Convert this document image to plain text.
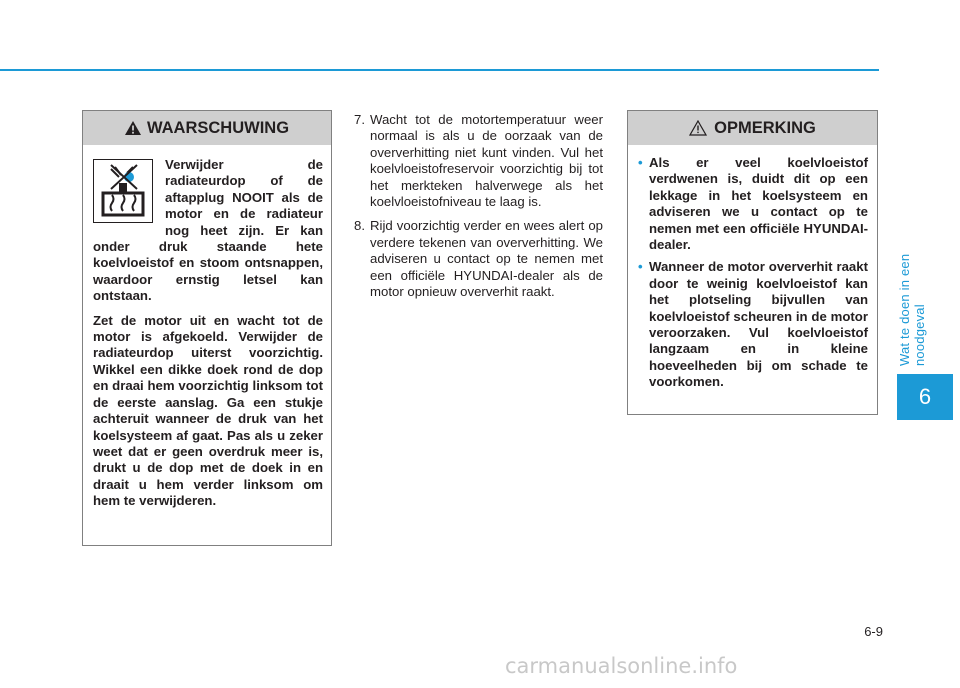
Wat te doen in een noodgeval
6
6-9
WAARSCHUWING

Verwijder de radiateurdop of de aftapplug NOOIT als de motor en de radiateur nog heet zijn. Er kan onder druk staande hete koelvloeistof en stoom ontsnappen, waardoor ernstig letsel kan ontstaan.

Zet de motor uit en wacht tot de motor is afgekoeld. Verwijder de radiateurdop uiterst voorzichtig. Wikkel een dikke doek rond de dop en draai hem voorzichtig linksom tot de eerste aanslag. Ga een stukje achteruit wanneer de druk van het koelsysteem af gaat. Pas als u zeker weet dat er geen overdruk meer is, drukt u de dop met de doek in en draait u hem verder linksom om hem te verwijderen.

7. Wacht tot de motortemperatuur weer normaal is als u de oorzaak van de oververhitting niet kunt vinden. Vul het koelvloeistofreservoir voorzichtig bij tot het merkteken halverwege als het koelvloeistofniveau te laag is.
8. Rijd voorzichtig verder en wees alert op verdere tekenen van oververhitting. We adviseren u contact op te nemen met een officiële HYUNDAI-dealer als de motor opnieuw oververhit raakt.
OPMERKING
• Als er veel koelvloeistof verdwenen is, duidt dit op een lekkage in het koelsysteem en adviseren we u contact op te nemen met een officiële HYUNDAI-dealer.
• Wanneer de motor oververhit raakt door te weinig koelvloeistof kan het plotseling bijvullen van koelvloeistof scheuren in de motor veroorzaken. Vul koelvloeistof langzaam en in kleine hoeveelheden bij om schade te voorkomen.
carmanualsonline.info
